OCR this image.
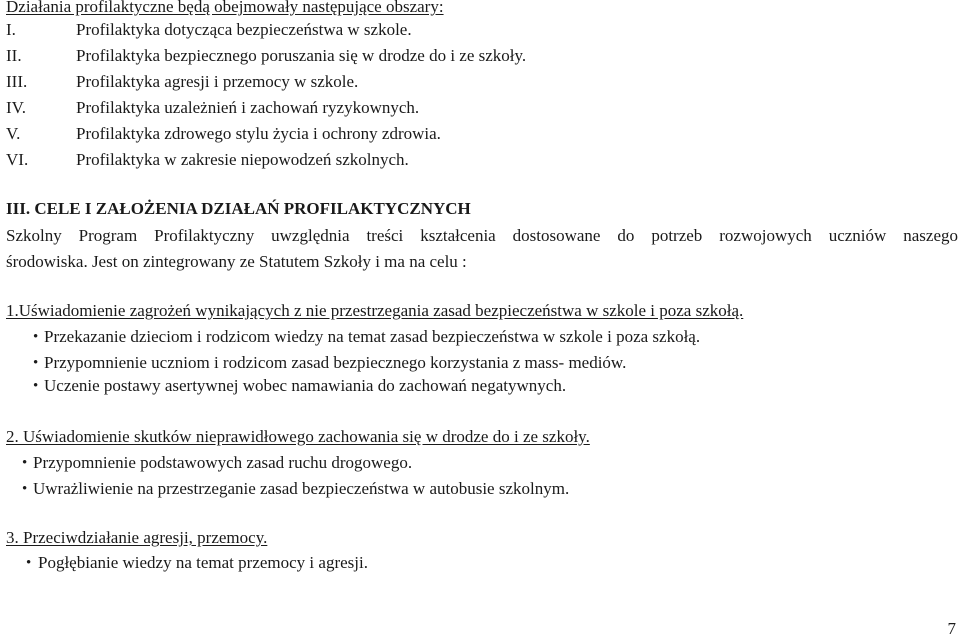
Działania profilaktyczne będą obejmowały następujące obszary:
I.	Profilaktyka dotycząca bezpieczeństwa w szkole.
II.	Profilaktyka bezpiecznego poruszania się w drodze do i ze szkoły.
III.	Profilaktyka agresji i przemocy w szkole.
IV.	Profilaktyka uzależnień i zachowań ryzykownych.
V.	Profilaktyka zdrowego stylu życia i ochrony zdrowia.
VI.	Profilaktyka w zakresie niepowodzeń szkolnych.
III. CELE I ZAŁOŻENIA DZIAŁAŃ PROFILAKTYCZNYCH
Szkolny Program Profilaktyczny uwzględnia treści kształcenia dostosowane do potrzeb rozwojowych uczniów naszego
środowiska. Jest on zintegrowany ze Statutem Szkoły i ma na celu :
1.Uświadomienie zagrożeń wynikających z nie przestrzegania zasad bezpieczeństwa w szkole i poza szkołą.
• Przekazanie dzieciom i rodzicom wiedzy na temat zasad bezpieczeństwa w szkole i poza szkołą.
• Przypomnienie uczniom i rodzicom zasad bezpiecznego korzystania z mass- mediów.
• Uczenie postawy asertywnej wobec namawiania do zachowań negatywnych.
2. Uświadomienie skutków nieprawidłowego zachowania się w drodze do i ze szkoły.
• Przypomnienie podstawowych zasad ruchu drogowego.
• Uwrażliwienie na przestrzeganie zasad bezpieczeństwa w autobusie szkolnym.
3. Przeciwdziałanie agresji, przemocy.
• Pogłębianie wiedzy na temat przemocy i agresji.
7
